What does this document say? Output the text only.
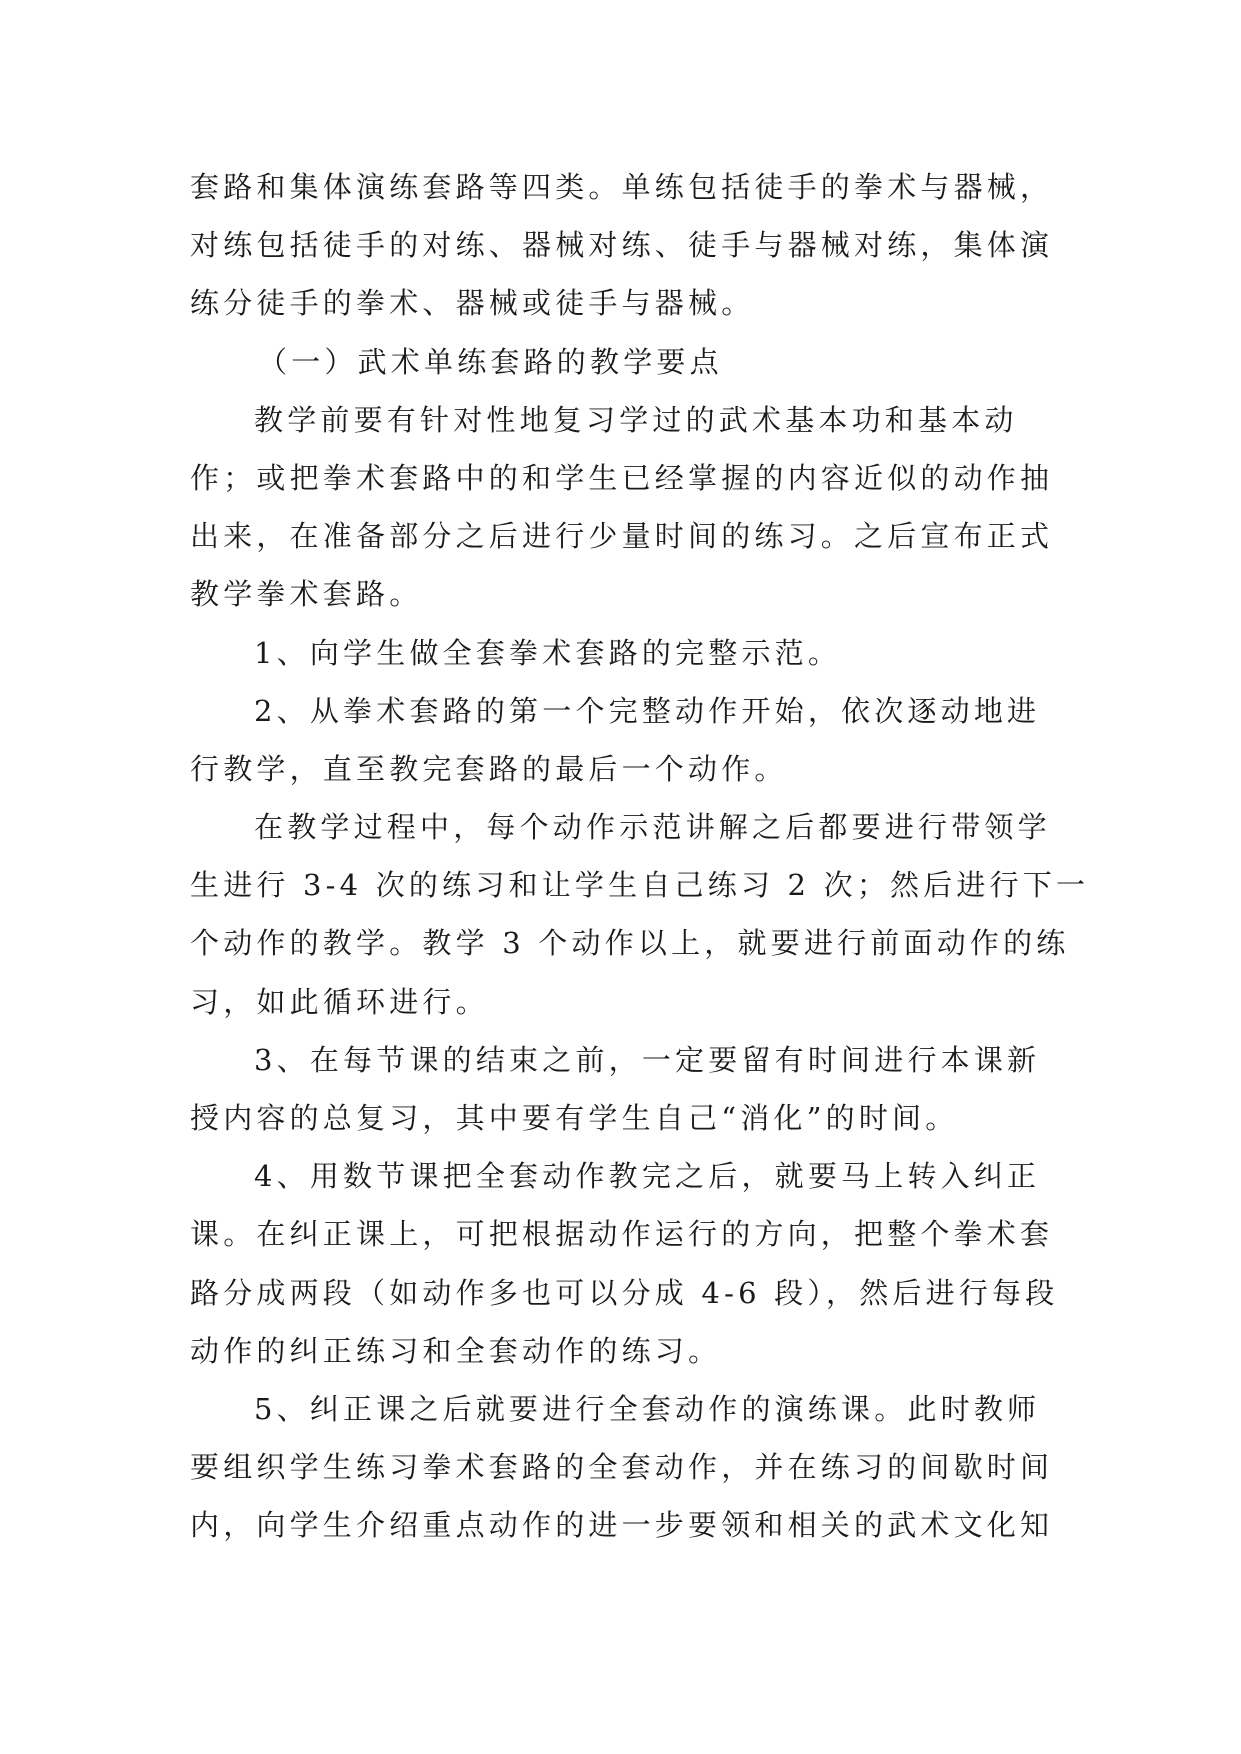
套路和集体演练套路等四类。单练包括徒手的拳术与器械，
对练包括徒手的对练、器械对练、徒手与器械对练，集体演
练分徒手的拳术、器械或徒手与器械。
（一）武术单练套路的教学要点
教学前要有针对性地复习学过的武术基本功和基本动
作；或把拳术套路中的和学生已经掌握的内容近似的动作抽
出来，在准备部分之后进行少量时间的练习。之后宣布正式
教学拳术套路。
1、向学生做全套拳术套路的完整示范。
2、从拳术套路的第一个完整动作开始，依次逐动地进
行教学，直至教完套路的最后一个动作。
在教学过程中，每个动作示范讲解之后都要进行带领学
生进行 3-4 次的练习和让学生自己练习 2 次；然后进行下一
个动作的教学。教学 3 个动作以上，就要进行前面动作的练
习，如此循环进行。
3、在每节课的结束之前，一定要留有时间进行本课新
授内容的总复习，其中要有学生自己“消化”的时间。
4、用数节课把全套动作教完之后，就要马上转入纠正
课。在纠正课上，可把根据动作运行的方向，把整个拳术套
路分成两段（如动作多也可以分成 4-6 段），然后进行每段
动作的纠正练习和全套动作的练习。
5、纠正课之后就要进行全套动作的演练课。此时教师
要组织学生练习拳术套路的全套动作，并在练习的间歇时间
内，向学生介绍重点动作的进一步要领和相关的武术文化知
